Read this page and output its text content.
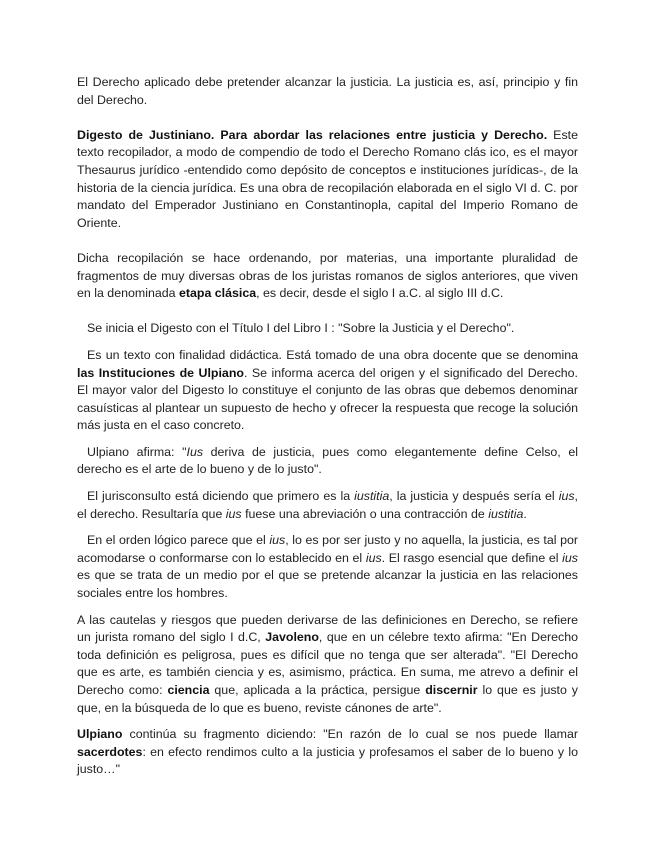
El Derecho aplicado debe pretender alcanzar la justicia. La justicia es, así, principio y fin del Derecho.

Digesto de Justiniano. Para abordar las relaciones entre justicia y Derecho. Este texto recopilador, a modo de compendio de todo el Derecho Romano clás ico, es el mayor Thesaurus jurídico -entendido como depósito de conceptos e instituciones jurídicas-, de la historia de la ciencia jurídica. Es una obra de recopilación elaborada en el siglo VI d. C. por mandato del Emperador Justiniano en Constantinopla, capital del Imperio Romano de Oriente.

Dicha recopilación se hace ordenando, por materias, una importante pluralidad de fragmentos de muy diversas obras de los juristas romanos de siglos anteriores, que viven en la denominada etapa clásica, es decir, desde el siglo I a.C. al siglo III d.C.

Se inicia el Digesto con el Título I del Libro I : "Sobre la Justicia y el Derecho".

Es un texto con finalidad didáctica. Está tomado de una obra docente que se denomina las Instituciones de Ulpiano. Se informa acerca del origen y el significado del Derecho. El mayor valor del Digesto lo constituye el conjunto de las obras que debemos denominar casuísticas al plantear un supuesto de hecho y ofrecer la respuesta que recoge la solución más justa en el caso concreto.

Ulpiano afirma: "Ius deriva de justicia, pues como elegantemente define Celso, el derecho es el arte de lo bueno y de lo justo".

El jurisconsulto está diciendo que primero es la iustitia, la justicia y después sería el ius, el derecho. Resultaría que ius fuese una abreviación o una contracción de iustitia.

En el orden lógico parece que el ius, lo es por ser justo y no aquella, la justicia, es tal por acomodarse o conformarse con lo establecido en el ius. El rasgo esencial que define el ius es que se trata de un medio por el que se pretende alcanzar la justicia en las relaciones sociales entre los hombres.

A las cautelas y riesgos que pueden derivarse de las definiciones en Derecho, se refiere un jurista romano del siglo I d.C, Javoleno, que en un célebre texto afirma: "En Derecho toda definición es peligrosa, pues es difícil que no tenga que ser alterada". "El Derecho que es arte, es también ciencia y es, asimismo, práctica. En suma, me atrevo a definir el Derecho como: ciencia que, aplicada a la práctica, persigue discernir lo que es justo y que, en la búsqueda de lo que es bueno, reviste cánones de arte".

Ulpiano continúa su fragmento diciendo: "En razón de lo cual se nos puede llamar sacerdotes: en efecto rendimos culto a la justicia y profesamos el saber de lo bueno y lo justo…"
